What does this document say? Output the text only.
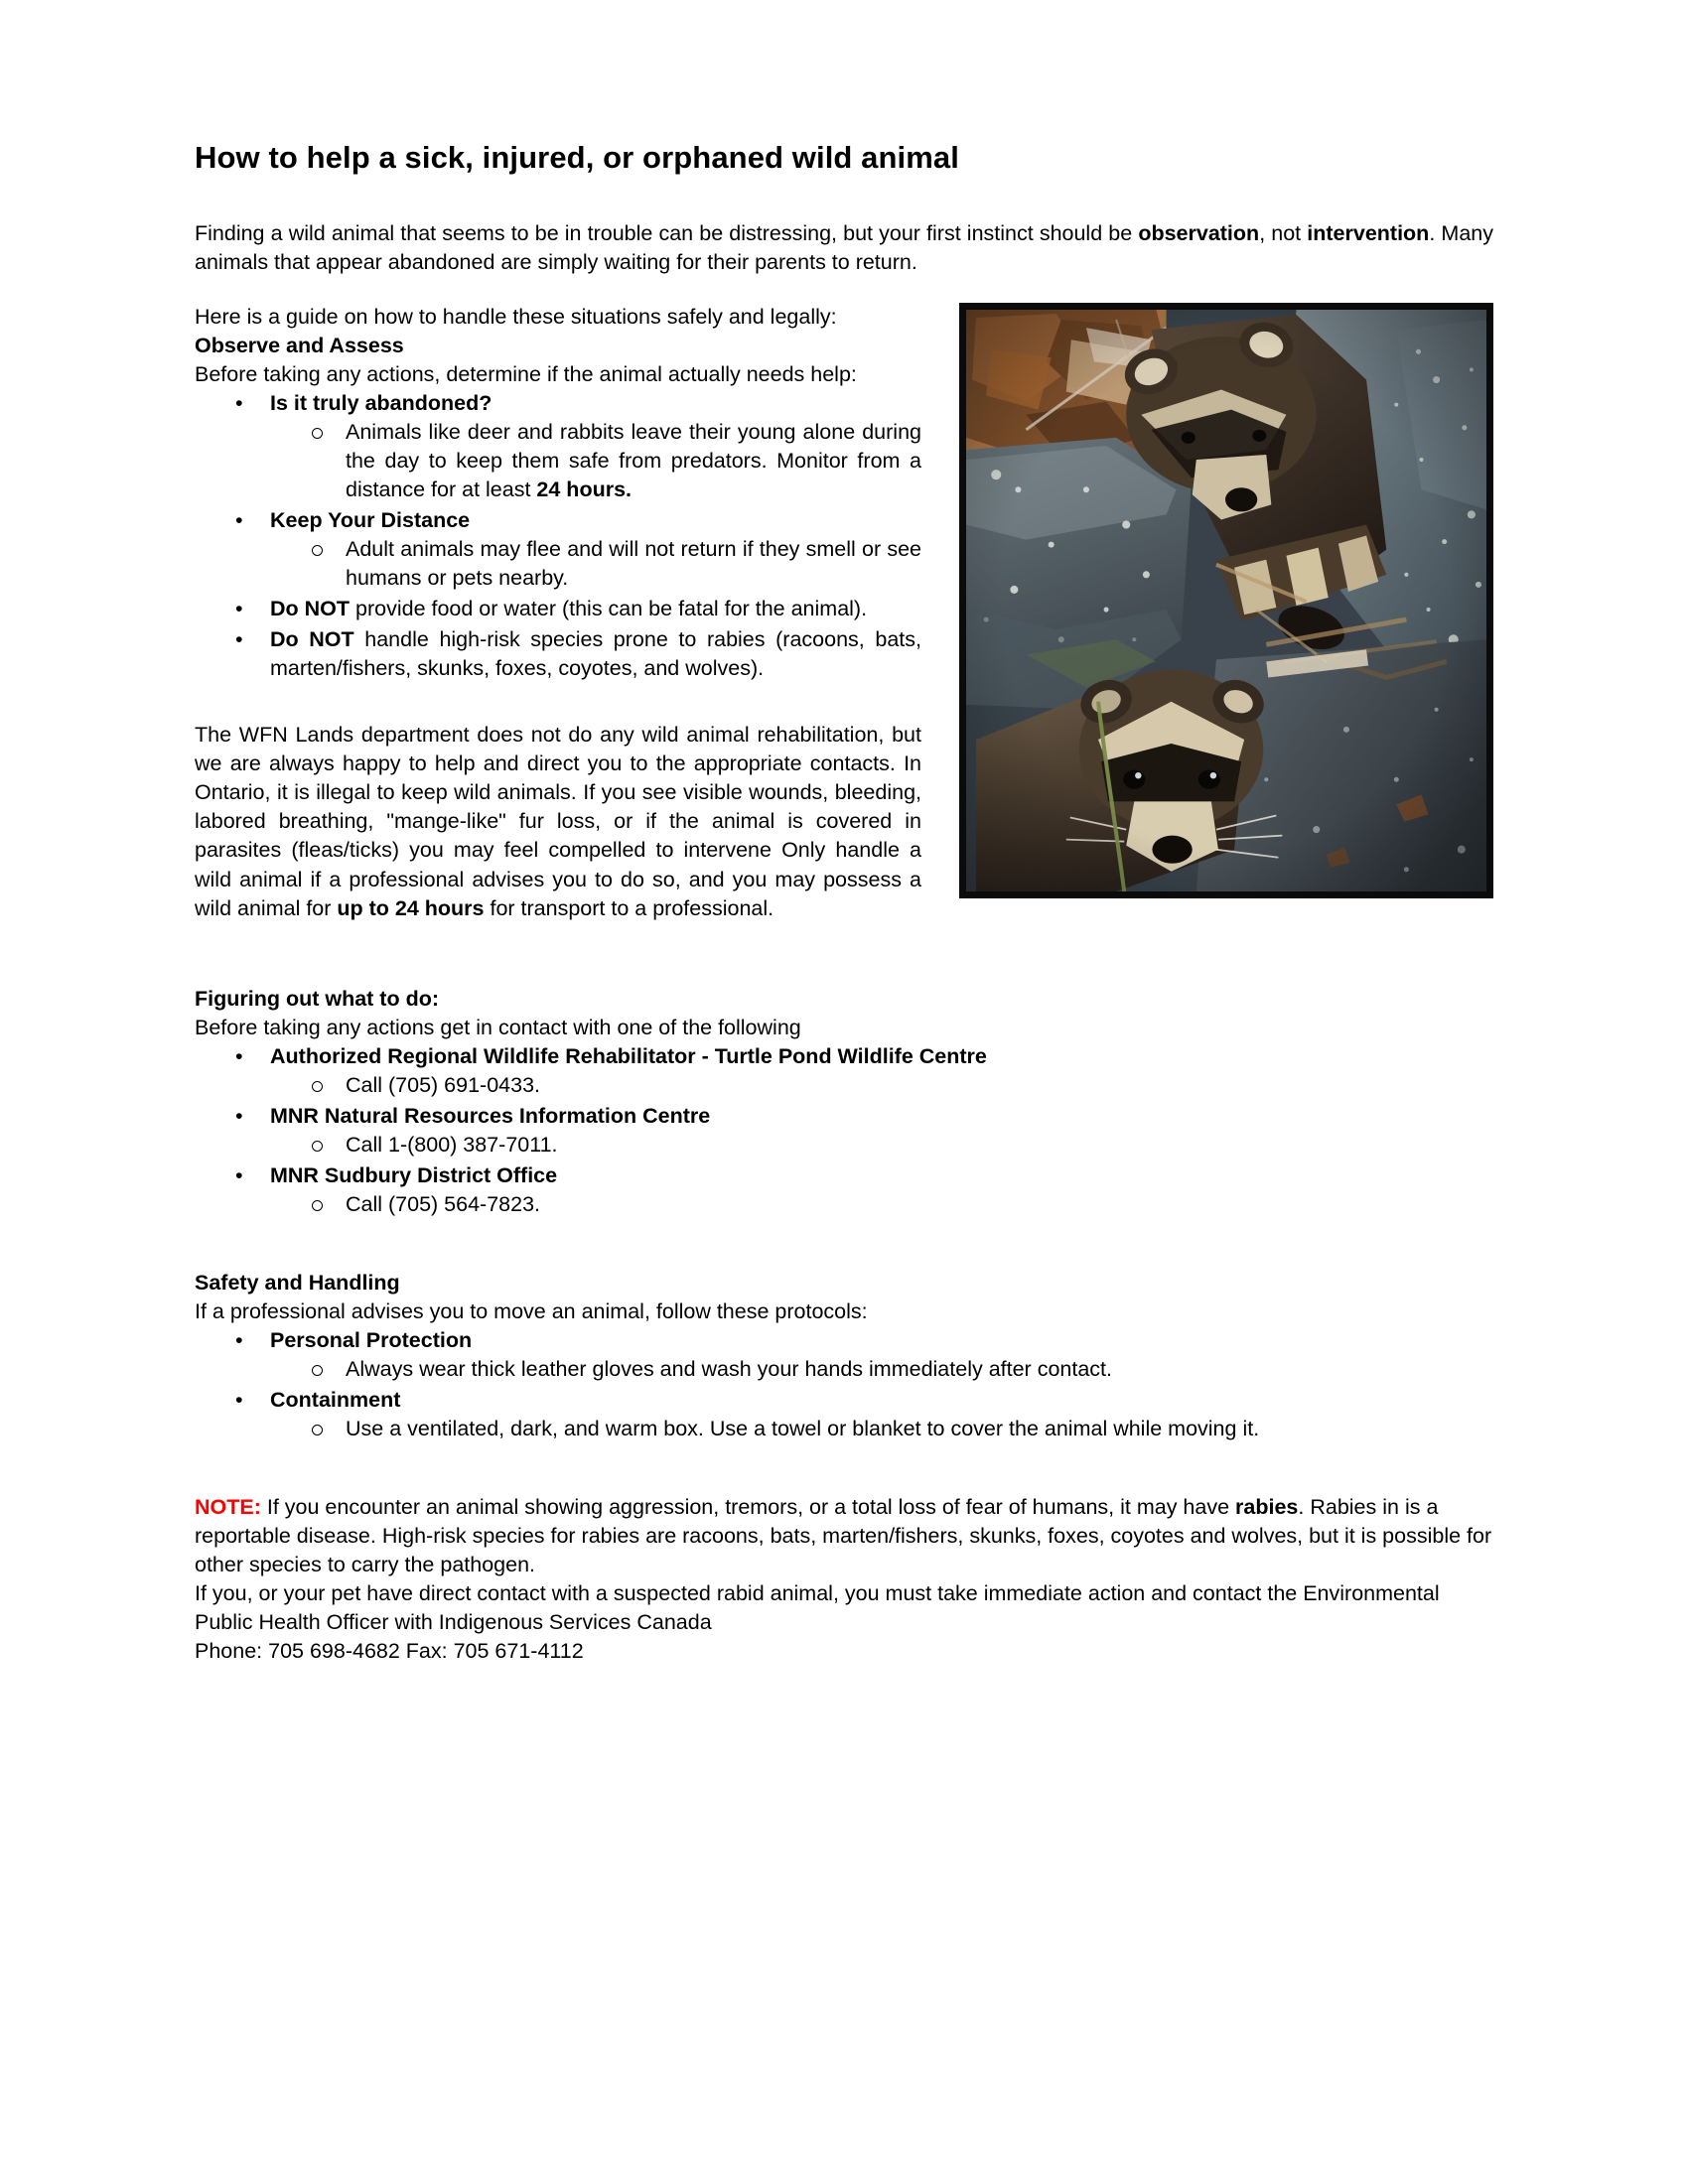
How to help a sick, injured, or orphaned wild animal

Finding a wild animal that seems to be in trouble can be distressing, but your first instinct should be observation, not intervention. Many animals that appear abandoned are simply waiting for their parents to return.

Here is a guide on how to handle these situations safely and legally:
Observe and Assess
Before taking any actions, determine if the animal actually needs help:
• Is it truly abandoned?
Animals like deer and rabbits leave their young alone during the day to keep them safe from predators. Monitor from a distance for at least 24 hours.
• Keep Your Distance
Adult animals may flee and will not return if they smell or see humans or pets nearby.
• Do NOT provide food or water (this can be fatal for the animal).
• Do NOT handle high-risk species prone to rabies (racoons, bats, marten/fishers, skunks, foxes, coyotes, and wolves).

The WFN Lands department does not do any wild animal rehabilitation, but we are always happy to help and direct you to the appropriate contacts. In Ontario, it is illegal to keep wild animals. If you see visible wounds, bleeding, labored breathing, "mange-like" fur loss, or if the animal is covered in parasites (fleas/ticks) you may feel compelled to intervene Only handle a wild animal if a professional advises you to do so, and you may possess a wild animal for up to 24 hours for transport to a professional.

Figuring out what to do:
Before taking any actions get in contact with one of the following
• Authorized Regional Wildlife Rehabilitator - Turtle Pond Wildlife Centre
Call (705) 691-0433.
• MNR Natural Resources Information Centre
Call 1-(800) 387-7011.
• MNR Sudbury District Office
Call (705) 564-7823.
Safety and Handling
If a professional advises you to move an animal, follow these protocols:
• Personal Protection
Always wear thick leather gloves and wash your hands immediately after contact.
• Containment
Use a ventilated, dark, and warm box. Use a towel or blanket to cover the animal while moving it.

NOTE: If you encounter an animal showing aggression, tremors, or a total loss of fear of humans, it may have rabies. Rabies in is a reportable disease. High-risk species for rabies are racoons, bats, marten/fishers, skunks, foxes, coyotes and wolves, but it is possible for other species to carry the pathogen.

If you, or your pet have direct contact with a suspected rabid animal, you must take immediate action and contact the Environmental Public Health Officer with Indigenous Services Canada
Phone: 705 698-4682 Fax: 705 671-4112
